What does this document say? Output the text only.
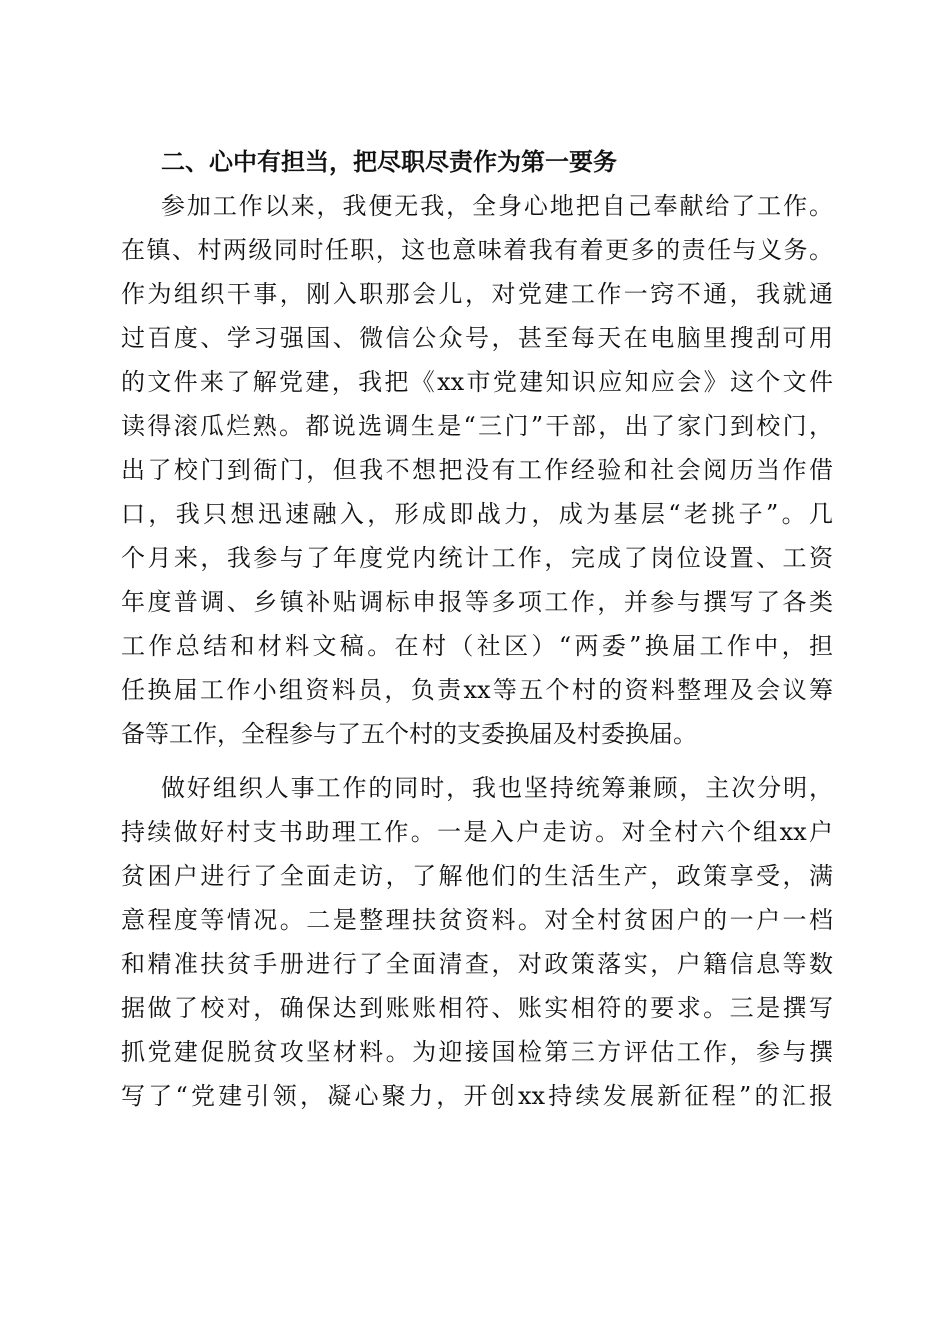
二、心中有担当，把尽职尽责作为第一要务
参加工作以来，我便无我，全身心地把自己奉献给了工作。
在镇、村两级同时任职，这也意味着我有着更多的责任与义务。
作为组织干事，刚入职那会儿，对党建工作一窍不通，我就通
过百度、学习强国、微信公众号，甚至每天在电脑里搜刮可用
的文件来了解党建，我把《xx市党建知识应知应会》这个文件
读得滚瓜烂熟。都说选调生是“三门”干部，出了家门到校门，
出了校门到衙门，但我不想把没有工作经验和社会阅历当作借
口，我只想迅速融入，形成即战力，成为基层“老挑子”。几
个月来，我参与了年度党内统计工作，完成了岗位设置、工资
年度普调、乡镇补贴调标申报等多项工作，并参与撰写了各类
工作总结和材料文稿。在村（社区）“两委”换届工作中，担
任换届工作小组资料员，负责xx等五个村的资料整理及会议筹
备等工作，全程参与了五个村的支委换届及村委换届。
做好组织人事工作的同时，我也坚持统筹兼顾，主次分明，
持续做好村支书助理工作。一是入户走访。对全村六个组xx户
贫困户进行了全面走访，了解他们的生活生产，政策享受，满
意程度等情况。二是整理扶贫资料。对全村贫困户的一户一档
和精准扶贫手册进行了全面清查，对政策落实，户籍信息等数
据做了校对，确保达到账账相符、账实相符的要求。三是撰写
抓党建促脱贫攻坚材料。为迎接国检第三方评估工作，参与撰
写了“党建引领，凝心聚力，开创xx持续发展新征程”的汇报
